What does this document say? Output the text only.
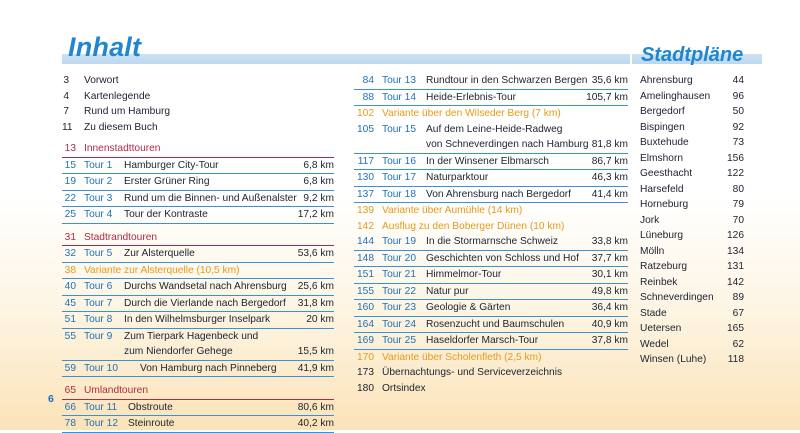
Inhalt	Stadtpläne
3 Vorwort
4 Kartenlegende
7 Rund um Hamburg
11 Zu diesem Buch
13 Innenstadttouren
15 Tour 1 Hamburger City-Tour	6,8 km
19 Tour 2 Erster Grüner Ring	6,8 km
22 Tour 3 Rund um die Binnen- und Außenalster 9,2 km
25 Tour 4 Tour der Kontraste	17,2 km
31 Stadtrandtouren
32 Tour 5 Zur Alsterquelle	53,6 km
38 Variante zur Alsterquelle (10,5 km)
40 Tour 6 Durchs Wandsetal nach Ahrensburg 25,6 km
45 Tour 7 Durch die Vierlande nach Bergedorf 31,8 km
51 Tour 8 In den Wilhelmsburger Inselpark	20 km
55 Tour 9 Zum Tierpark Hagenbeck und
zum Niendorfer Gehege	15,5 km
59 Tour 10 Von Hamburg nach Pinneberg 41,9 km
65 Umlandtouren
66 Tour 11 Obstroute	80,6 km
78 Tour 12 Steinroute	40,2 km
84 Tour 13 Rundtour in den Schwarzen Bergen 35,6 km
88 Tour 14 Heide-Erlebnis-Tour	105,7 km
102 Variante über den Wilseder Berg (7 km)
105 Tour 15 Auf dem Leine-Heide-Radweg
von Schneverdingen nach Hamburg 81,8 km
117 Tour 16 In der Winsener Elbmarsch	86,7 km
130 Tour 17 Naturparktour	46,3 km
137 Tour 18 Von Ahrensburg nach Bergedorf 41,4 km
139 Variante über Aumühle (14 km)
142 Ausflug zu den Boberger Dünen (10 km)
144 Tour 19 In die Stormarnsche Schweiz	33,8 km
148 Tour 20 Geschichten von Schloss und Hof 37,7 km
151 Tour 21 Himmelmor-Tour	30,1 km
155 Tour 22 Natur pur	49,8 km
160 Tour 23 Geologie & Gärten	36,4 km
164 Tour 24 Rosenzucht und Baumschulen	40,9 km
169 Tour 25 Haseldorfer Marsch-Tour	37,8 km
170 Variante über Scholenfleth (2,5 km)
173 Übernachtungs- und Serviceverzeichnis
180 Ortsindex
Ahrensburg	44
Amelinghausen 96
Bergedorf	50
Bispingen	92
Buxtehude	73
Elmshorn	156
Geesthacht	122
Harsefeld	80
Horneburg	79
Jork	70
Lüneburg	126
Mölln	134
Ratzeburg	131
Reinbek	142
Schneverdingen 89
Stade	67
Uetersen	165
Wedel	62
Winsen (Luhe) 118
6
